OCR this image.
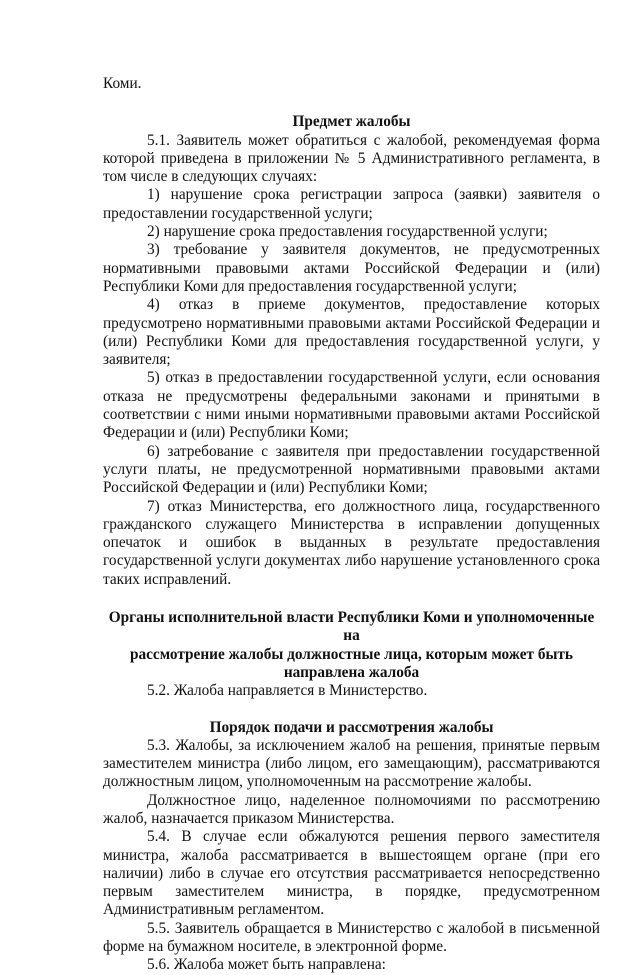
Коми.

Предмет жалобы

5.1. Заявитель может обратиться с жалобой, рекомендуемая форма которой приведена в приложении № 5 Административного регламента, в том числе в следующих случаях:

1) нарушение срока регистрации запроса (заявки) заявителя о предоставлении государственной услуги;

2) нарушение срока предоставления государственной услуги;

3) требование у заявителя документов, не предусмотренных нормативными правовыми актами Российской Федерации и (или) Республики Коми для предоставления государственной услуги;

4) отказ в приеме документов, предоставление которых предусмотрено нормативными правовыми актами Российской Федерации и (или) Республики Коми для предоставления государственной услуги, у заявителя;

5) отказ в предоставлении государственной услуги, если основания отказа не предусмотрены федеральными законами и принятыми в соответствии с ними иными нормативными правовыми актами Российской Федерации и (или) Республики Коми;

6) затребование с заявителя при предоставлении государственной услуги платы, не предусмотренной нормативными правовыми актами Российской Федерации и (или) Республики Коми;

7) отказ Министерства, его должностного лица, государственного гражданского служащего Министерства в исправлении допущенных опечаток и ошибок в выданных в результате предоставления государственной услуги документах либо нарушение установленного срока таких исправлений.

Органы исполнительной власти Республики Коми и уполномоченные на

рассмотрение жалобы должностные лица, которым может быть

направлена жалоба

5.2. Жалоба направляется в Министерство.

Порядок подачи и рассмотрения жалобы

5.3. Жалобы, за исключением жалоб на решения, принятые первым заместителем министра (либо лицом, его замещающим), рассматриваются должностным лицом, уполномоченным на рассмотрение жалобы.

Должностное лицо, наделенное полномочиями по рассмотрению жалоб, назначается приказом Министерства.

5.4. В случае если обжалуются решения первого заместителя министра, жалоба рассматривается в вышестоящем органе (при его наличии) либо в случае его отсутствия рассматривается непосредственно первым заместителем министра, в порядке, предусмотренном Административным регламентом.

5.5. Заявитель обращается в Министерство с жалобой в письменной форме на бумажном носителе, в электронной форме.

5.6. Жалоба может быть направлена:
